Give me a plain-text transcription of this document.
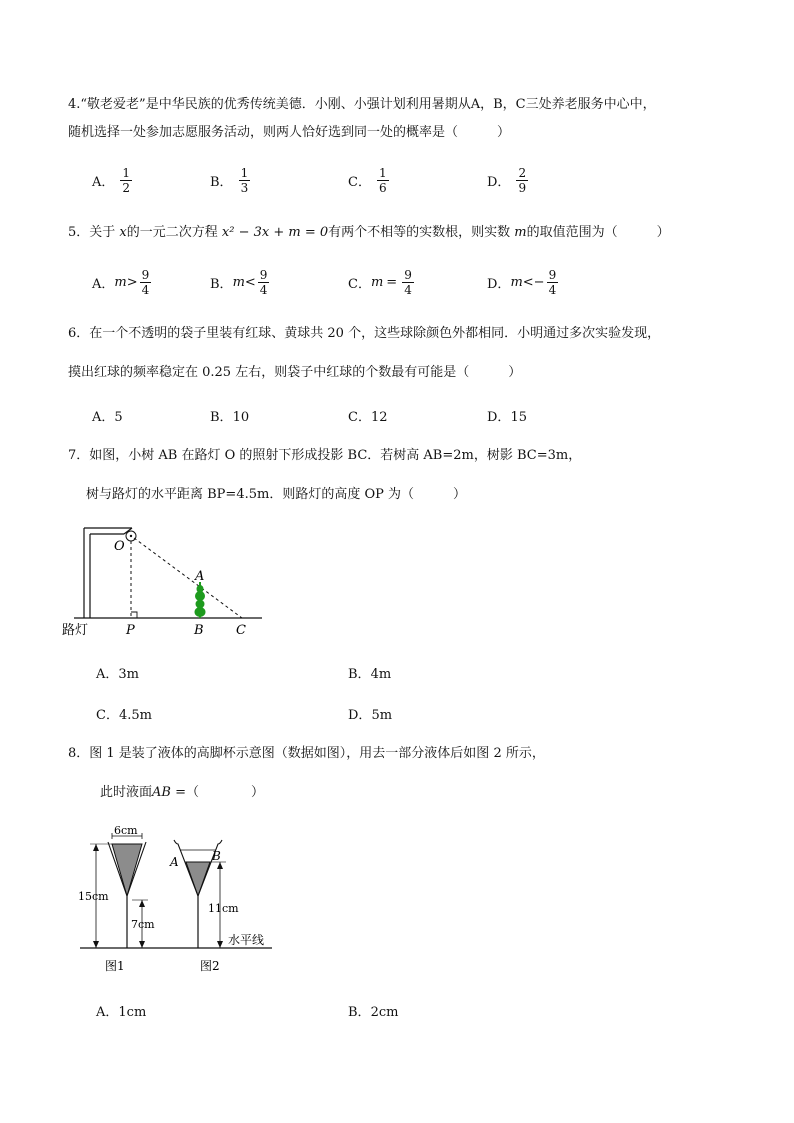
4.“敬老爱老”是中华民族的优秀传统美德．小刚、小强计划利用暑期从A，B，C三处养老服务中心中，
随机选择一处参加志愿服务活动，则两人恰好选到同一处的概率是（　　　）
A． $\frac{1}{2}$	B． $\frac{1}{3}$	C． $\frac{1}{6}$	D． $\frac{2}{9}$
5．关于 x的一元二次方程 x² − 3x + m = 0有两个不相等的实数根，则实数 m的取值范围为（　　　）
A． $m > \frac{9}{4}$	B． $m < \frac{9}{4}$	C． $m = \frac{9}{4}$	D． m < − $\frac{9}{4}$
6．在一个不透明的袋子里装有红球、黄球共 20 个，这些球除颜色外都相同．小明通过多次实验发现，
摸出红球的频率稳定在 0.25 左右，则袋子中红球的个数最有可能是（　　　）
A．5	B．10	C．12	D．15
7．如图，小树 AB 在路灯 O 的照射下形成投影 BC．若树高 AB=2m，树影 BC=3m，
树与路灯的水平距离 BP=4.5m．则路灯的高度 OP 为（　　　）
O
A
P	B C
路灯
A．3m	B．4m
C．4.5m	D．5m
8．图 1 是装了液体的高脚杯示意图（数据如图），用去一部分液体后如图 2 所示，
此时液面AB =（　　　　）
6cm
15cm
7cm
11cm
A	B
水平线
图1	图2
A．1cm	B．2cm
